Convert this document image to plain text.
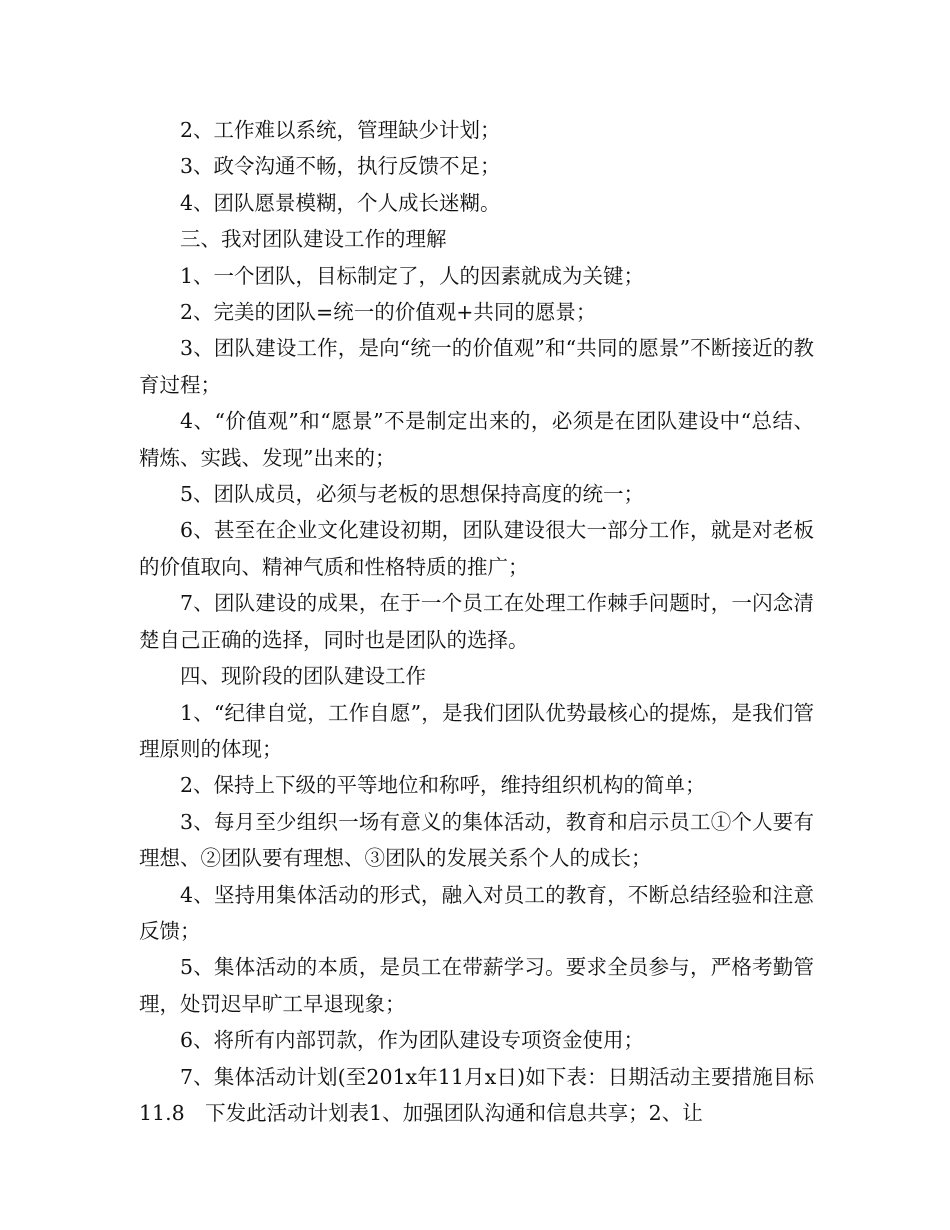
2、工作难以系统，管理缺少计划；

3、政令沟通不畅，执行反馈不足；

4、团队愿景模糊，个人成长迷糊。

三、我对团队建设工作的理解

1、一个团队，目标制定了，人的因素就成为关键；

2、完美的团队=统一的价值观+共同的愿景；

3、团队建设工作，是向“统一的价值观”和“共同的愿景”不断接近的教育过程；

4、“价值观”和“愿景”不是制定出来的，必须是在团队建设中“总结、精炼、实践、发现”出来的；

5、团队成员，必须与老板的思想保持高度的统一；

6、甚至在企业文化建设初期，团队建设很大一部分工作，就是对老板的价值取向、精神气质和性格特质的推广；

7、团队建设的成果，在于一个员工在处理工作棘手问题时，一闪念清楚自己正确的选择，同时也是团队的选择。

四、现阶段的团队建设工作

1、“纪律自觉，工作自愿”，是我们团队优势最核心的提炼，是我们管理原则的体现；

2、保持上下级的平等地位和称呼，维持组织机构的简单；

3、每月至少组织一场有意义的集体活动，教育和启示员工①个人要有理想、②团队要有理想、③团队的发展关系个人的成长；

4、坚持用集体活动的形式，融入对员工的教育，不断总结经验和注意反馈；

5、集体活动的本质，是员工在带薪学习。要求全员参与，严格考勤管理，处罚迟早旷工早退现象；

6、将所有内部罚款，作为团队建设专项资金使用；

7、集体活动计划(至201x年11月x日)如下表：日期活动主要措施目标11.8　下发此活动计划表1、加强团队沟通和信息共享；2、让
